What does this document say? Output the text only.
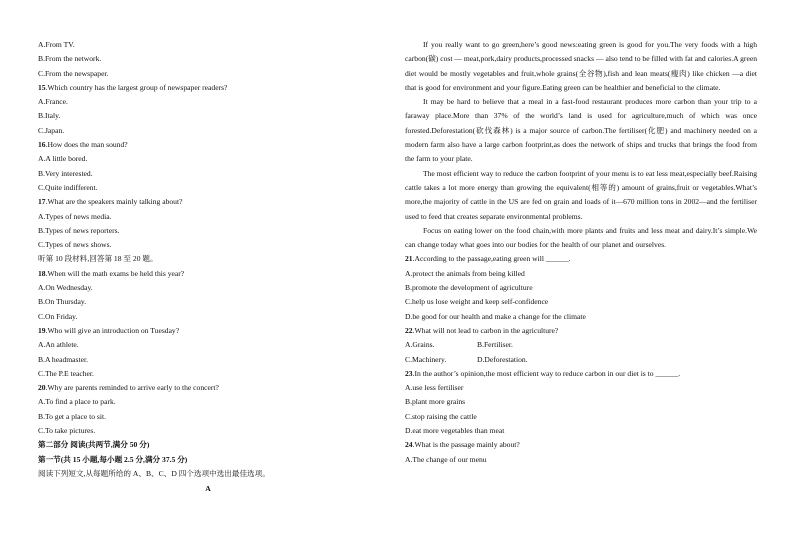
A.From TV.
B.From the network.
C.From the newspaper.
15.Which country has the largest group of newspaper readers?
A.France.
B.Italy.
C.Japan.
16.How does the man sound?
A.A little bored.
B.Very interested.
C.Quite indifferent.
17.What are the speakers mainly talking about?
A.Types of news media.
B.Types of news reporters.
C.Types of news shows.
听第 10 段材料,回答第 18 至 20 题。
18.When will the math exams be held this year?
A.On Wednesday.
B.On Thursday.
C.On Friday.
19.Who will give an introduction on Tuesday?
A.An athlete.
B.A headmaster.
C.The P.E teacher.
20.Why are parents reminded to arrive early to the concert?
A.To find a place to park.
B.To get a place to sit.
C.To take pictures.
第二部分 阅读(共两节,满分 50 分)
第一节(共 15 小题,每小题 2.5 分,满分 37.5 分)
阅读下列短文,从每题所给的 A、B、C、D 四个选项中选出最佳选项。
A
If you really want to go green,here’s good news:eating green is good for you.The very foods with a high carbon(碳) cost — meat,pork,dairy products,processed snacks — also tend to be filled with fat and calories.A green diet would be mostly vegetables and fruit,whole grains(全谷物),fish and lean meats(瘦肉) like chicken —a diet that is good for environment and your figure.Eating green can be healthier and beneficial to the climate.
It may be hard to believe that a meal in a fast-food restaurant produces more carbon than your trip to a faraway place.More than 37% of the world’s land is used for agriculture,much of which was once forested.Deforestation(砍伐森林) is a major source of carbon.The fertiliser(化肥) and machinery needed on a modern farm also have a large carbon footprint,as does the network of ships and trucks that brings the food from the farm to your plate.
The most efficient way to reduce the carbon footprint of your menu is to eat less meat,especially beef.Raising cattle takes a lot more energy than growing the equivalent(相等的) amount of grains,fruit or vegetables.What’s more,the majority of cattle in the US are fed on grain and loads of it—670 million tons in 2002—and the fertiliser used to feed that creates separate environmental problems.
Focus on eating lower on the food chain,with more plants and fruits and less meat and dairy.It’s simple.We can change today what goes into our bodies for the health of our planet and ourselves.
21.According to the passage,eating green will ______.
A.protect the animals from being killed
B.promote the development of agriculture
C.help us lose weight and keep self-confidence
D.be good for our health and make a change for the climate
22.What will not lead to carbon in the agriculture?
A.Grains.	B.Fertiliser.
C.Machinery.	D.Deforestation.
23.In the author’s opinion,the most efficient way to reduce carbon in our diet is to ______.
A.use less fertiliser
B.plant more grains
C.stop raising the cattle
D.eat more vegetables than meat
24.What is the passage mainly about?
A.The change of our menu
